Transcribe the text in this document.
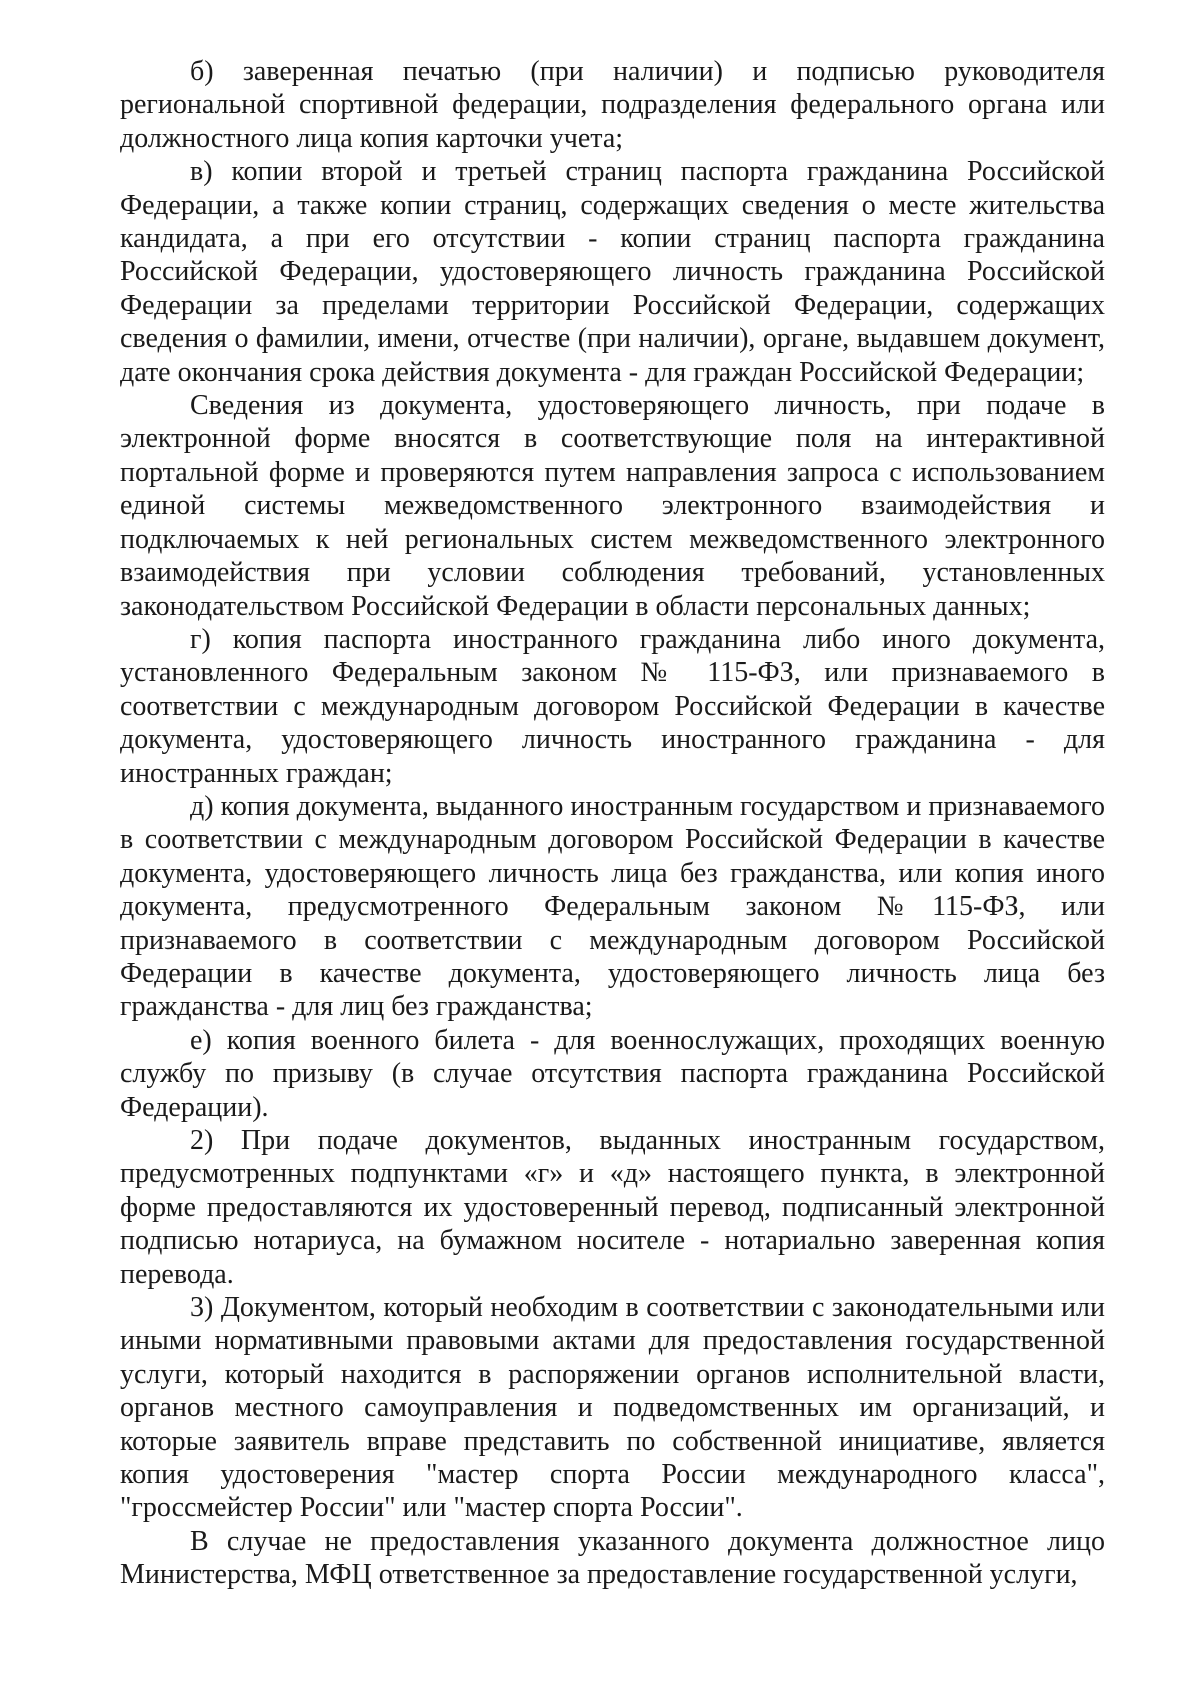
б) заверенная печатью (при наличии) и подписью руководителя региональной спортивной федерации, подразделения федерального органа или должностного лица копия карточки учета;

в) копии второй и третьей страниц паспорта гражданина Российской Федерации, а также копии страниц, содержащих сведения о месте жительства кандидата, а при его отсутствии - копии страниц паспорта гражданина Российской Федерации, удостоверяющего личность гражданина Российской Федерации за пределами территории Российской Федерации, содержащих сведения о фамилии, имени, отчестве (при наличии), органе, выдавшем документ, дате окончания срока действия документа - для граждан Российской Федерации;

Сведения из документа, удостоверяющего личность, при подаче в электронной форме вносятся в соответствующие поля на интерактивной портальной форме и проверяются путем направления запроса с использованием единой системы межведомственного электронного взаимодействия и подключаемых к ней региональных систем межведомственного электронного взаимодействия при условии соблюдения требований, установленных законодательством Российской Федерации в области персональных данных;

г) копия паспорта иностранного гражданина либо иного документа, установленного Федеральным законом № 115-ФЗ, или признаваемого в соответствии с международным договором Российской Федерации в качестве документа, удостоверяющего личность иностранного гражданина - для иностранных граждан;

д) копия документа, выданного иностранным государством и признаваемого в соответствии с международным договором Российской Федерации в качестве документа, удостоверяющего личность лица без гражданства, или копия иного документа, предусмотренного Федеральным законом №115-ФЗ, или признаваемого в соответствии с международным договором Российской Федерации в качестве документа, удостоверяющего личность лица без гражданства - для лиц без гражданства;

е) копия военного билета - для военнослужащих, проходящих военную службу по призыву (в случае отсутствия паспорта гражданина Российской Федерации).

2) При подаче документов, выданных иностранным государством, предусмотренных подпунктами «г» и «д» настоящего пункта, в электронной форме предоставляются их удостоверенный перевод, подписанный электронной подписью нотариуса, на бумажном носителе - нотариально заверенная копия перевода.

3) Документом, который необходим в соответствии с законодательными или иными нормативными правовыми актами для предоставления государственной услуги, который находится в распоряжении органов исполнительной власти, органов местного самоуправления и подведомственных им организаций, и которые заявитель вправе представить по собственной инициативе, является копия удостоверения "мастер спорта России международного класса", "гроссмейстер России" или "мастер спорта России".

В случае не предоставления указанного документа должностное лицо Министерства, МФЦ ответственное за предоставление государственной услуги,
